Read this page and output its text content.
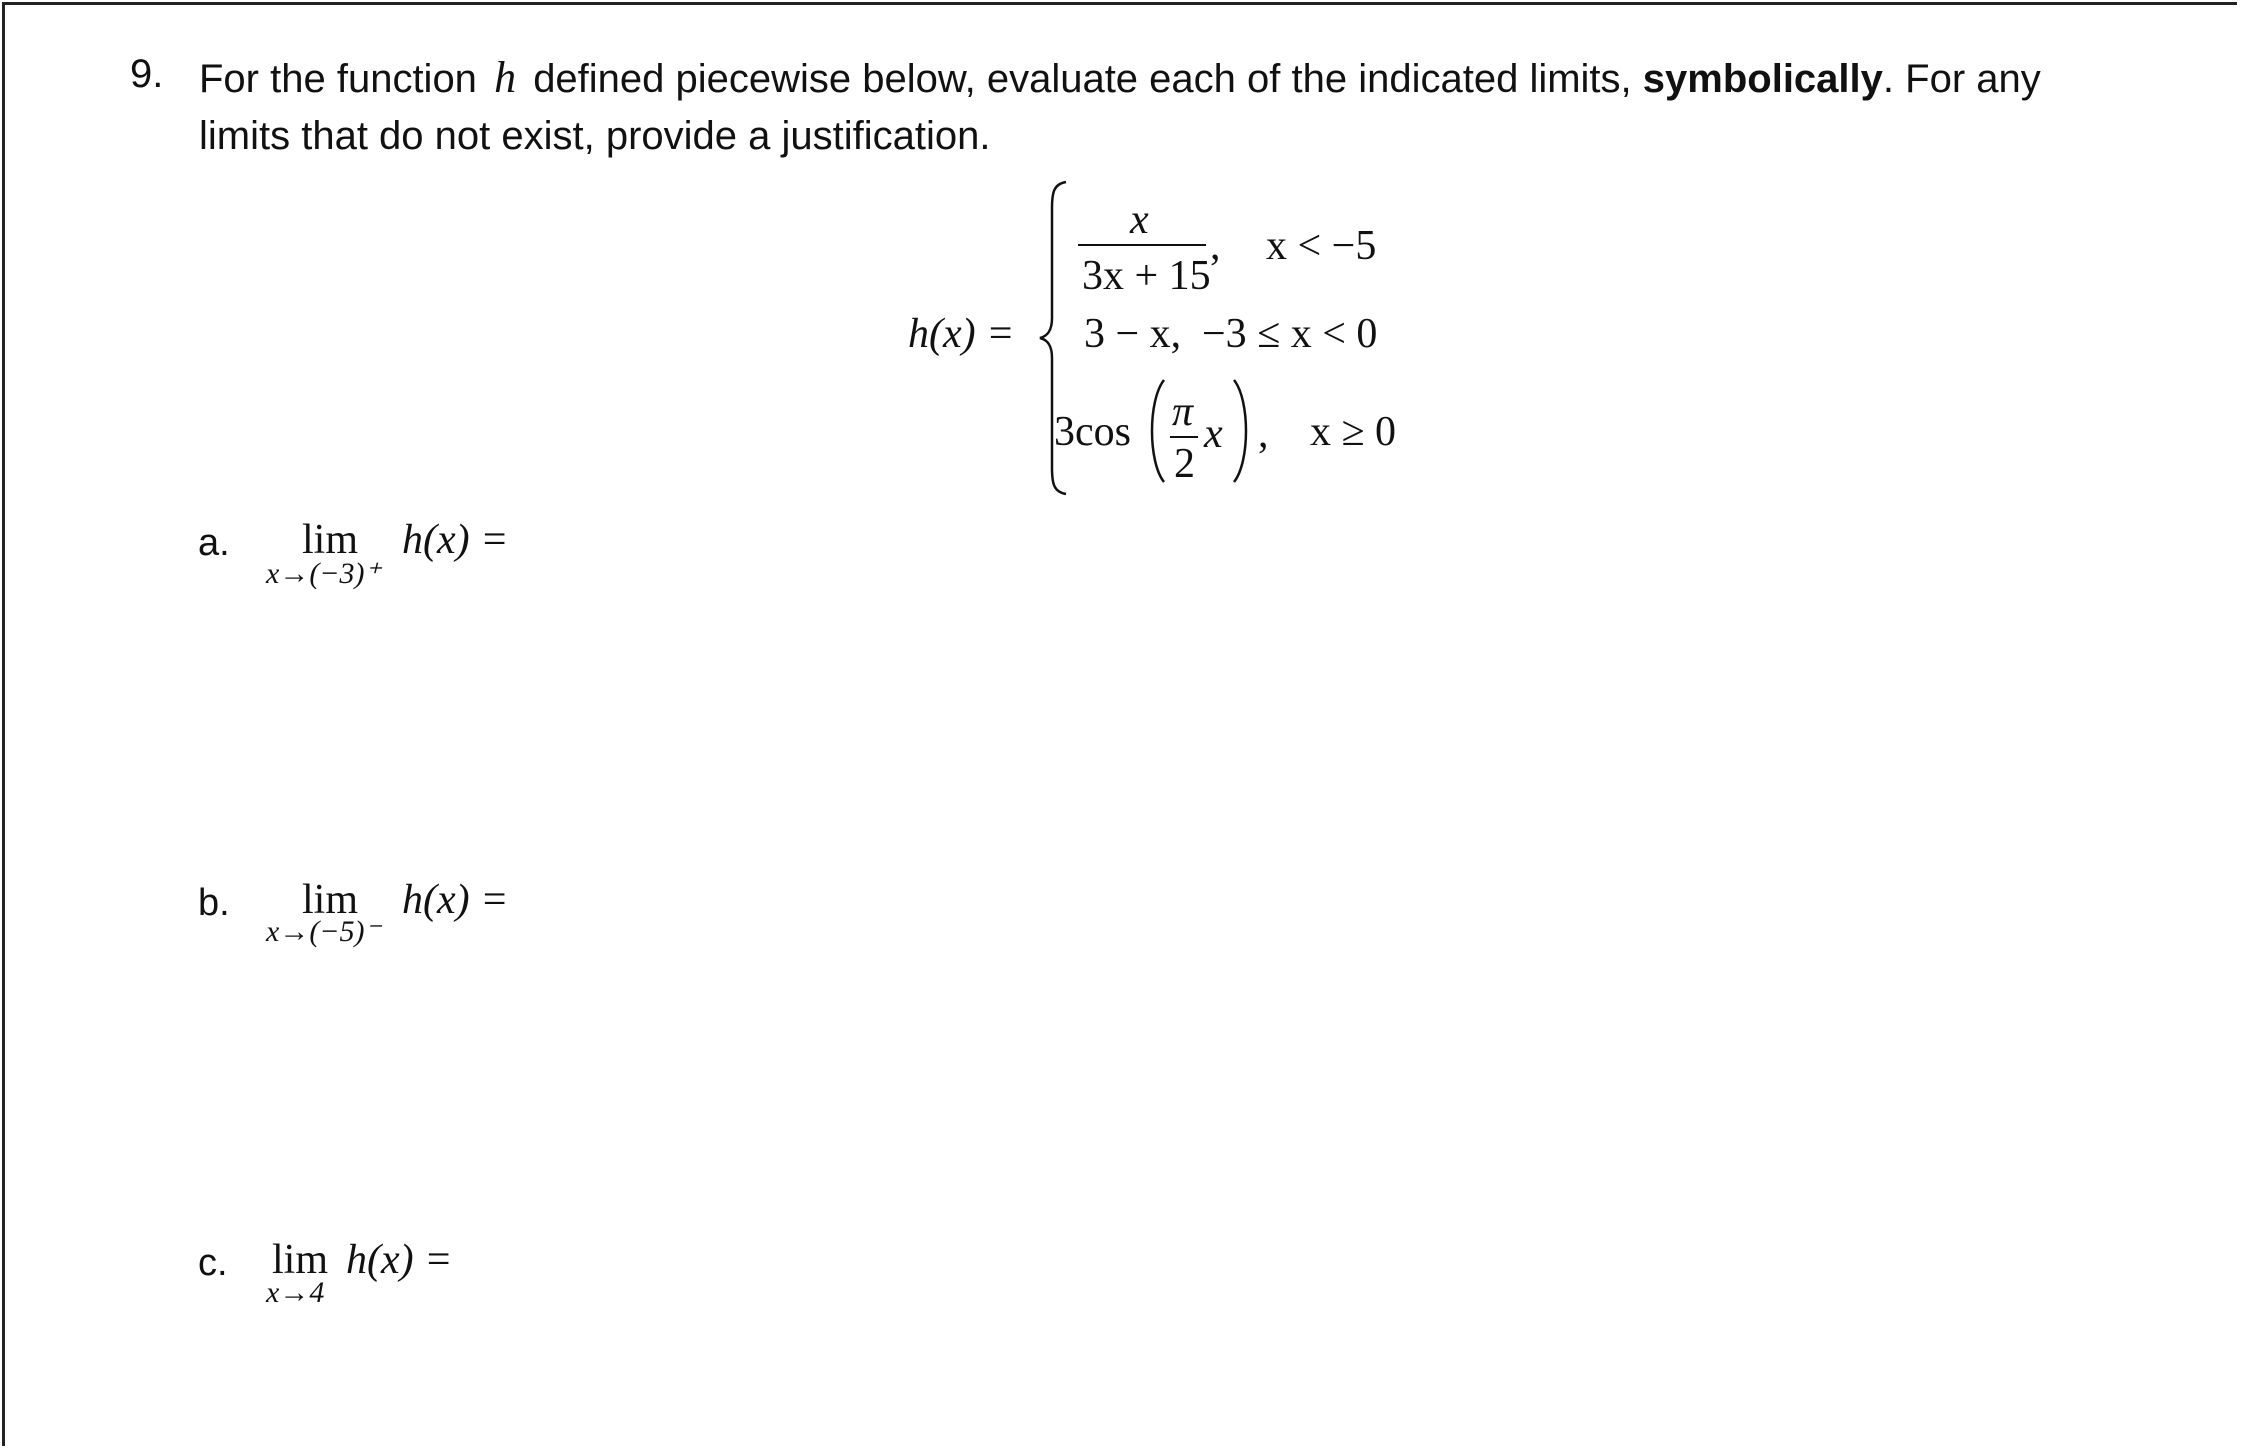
9. For the function h defined piecewise below, evaluate each of the indicated limits, symbolically. For any
limits that do not exist, provide a justification.
h(x) =
x
3x + 15
, x < −5
3 − x, −3 ≤ x < 0
3cos π
2
x , x ≥ 0
a. lim
x→(−3)⁺
h(x) =
b. lim
x→(−5)⁻
h(x) =
c. lim
x→4
h(x) =
